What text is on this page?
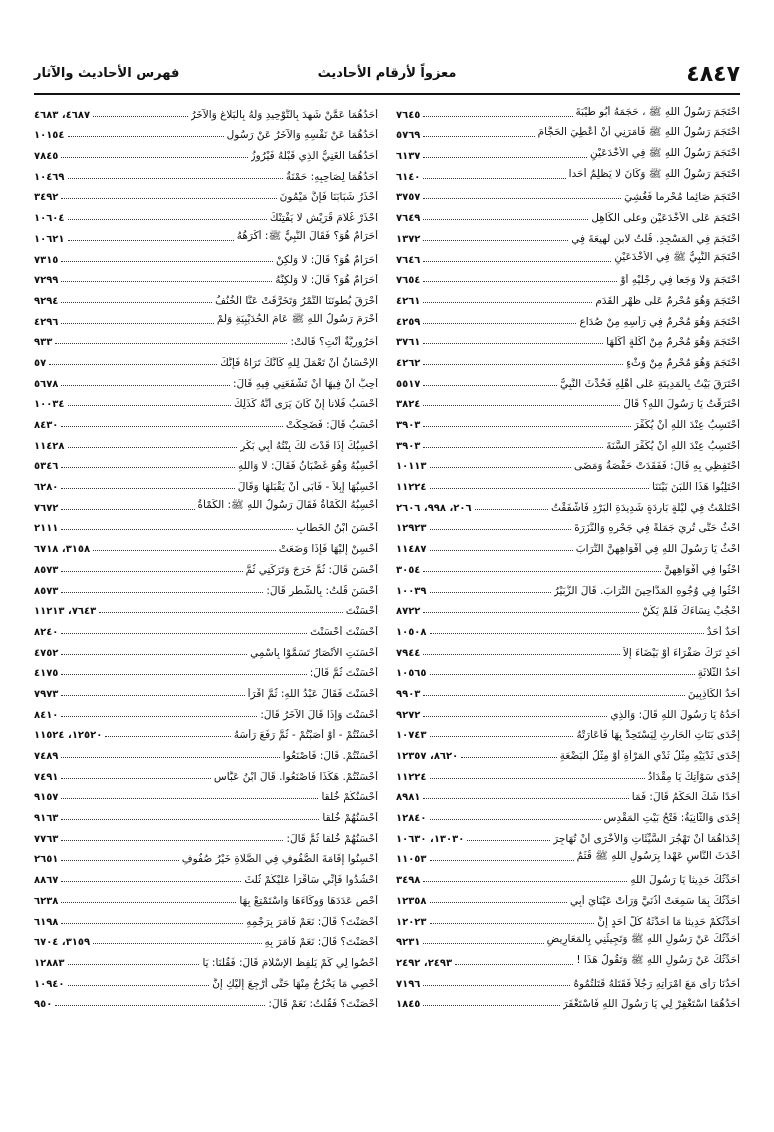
٤٨٤٧
معزواً لأرقام الأحاديث
فهرس الأحاديث والآثار
احْتَجَمَ رَسُولُ اللَّهِ ﷺ ، حَجَمَهُ أَبُو طَيْبَةَ
٧٦٤٥
احْتَجَمَ رَسُولُ اللَّهِ ﷺ فَأَمَرَنِي أَنْ أُعْطِيَ الْحَجَّامَ
٥٧٦٩
احْتَجَمَ رَسُولُ اللَّهِ ﷺ فِي الأَخْدَعَيْنِ
٦١٣٧
احْتَجَمَ رَسُولُ اللَّهِ ﷺ وَكَانَ لَا يَظْلِمُ أَحَداً
٦١٤٠
احْتَجَمَ صَائِماً مُحْرِماً فَغُشِيَ
٣٧٥٧
احْتَجَمَ عَلَى الأَخْدَعَيْنِ وعلى الكَاهِلِ
٧٦٤٩
احْتَجَمَ فِي الْمَسْجِدِ. قُلْتُ لابن لَهِيعَةَ فِي
١٣٧٢
احْتَجَمَ النَّبِيُّ ﷺ فِي الأَخْدَعَيْنِ
٧٦٤٦
احْتَجَمَ وَلَا وَجَعاً فِي رِجْلَيْهِ أَوْ
٧٦٥٤
احْتَجَمَ وَهُوَ مُحْرِمٌ عَلَى ظَهْرِ الْقَدَمِ
٤٢٦١
احْتَجَمَ وَهُوَ مُحْرِمٌ فِي رَأْسِهِ مِنْ صُدَاعٍ
٤٢٥٩
احْتَجَمَ وَهُوَ مُحْرِمٌ مِنْ أَكْلَةٍ أَكَلَهَا
٣٧٦١
احْتَجَمَ وَهُوَ مُحْرِمٌ مِنْ وَثْءٍ
٤٢٦٢
احْتَرَقَ بَيْتٌ بِالْمَدِينَةِ عَلَى أَهْلِهِ فَحُدِّثَ النَّبِيُّ
٥٥١٧
احْتَرَقْتُ يَا رَسُولَ اللَّهِ؟ قَالَ
٣٨٢٤
أَحْتَسِبُ عِنْدَ اللَّهِ أَنْ يُكَفِّرَ
٣٩٠٣
أَحْتَسِبُ عِنْدَ اللَّهِ أَنْ يُكَفِّرَ السَّنَةَ
٣٩٠٣
احْتَفِظِي بِهِ قَالَ: فَفَقَدَتْ حَفْصَةُ وَمَضَى
١٠١١٣
احْتَلِبُوا هَذَا اللَّبَنَ بَيْنَنَا
١١٢٢٤
احْتَلَمْتُ فِي لَيْلَةٍ بَارِدَةٍ شَدِيدَةِ الْبَرْدِ فَأَشْفَقْتُ
٢٠٦، ٩٩٨، ٢٦٠٦
احْثُ حَتَّى تُرِيَ جَمَلَةً فِي جَحْرِهِ وَالنَّزَرَةَ
١٢٩٢٣
احْثُ يَا رَسُولَ اللَّهِ فِي أَفْوَاهِهِنَّ التُّرَابَ
١١٤٨٧
احْثُوا فِي أَفْوَاهِهِنَّ
٣٠٥٤
احْثُوا فِي وُجُوهِ الْمَدَّاحِينَ التُّرَابَ. قَالَ الزُّبَيْرُ
١٠٠٣٩
احْجُبْ نِسَاءَكَ فَلَمْ يَكُنْ
٨٧٢٢
أَحَدٌ أَحَدٌ
١٠٥٠٨
أَحَدٍ تَرَكَ صَفْرَاءَ أَوْ بَيْضَاءَ إِلاَّ
٧٩٤٤
أَحَدُ الثَّلاثَةِ
١٠٥٦٥
أَحَدُ الْكَاذِبِينَ
٩٩٠٣
أَحَدُهُ يَا رَسُولَ اللَّهِ قَالَ: وَالَّذِي
٩٢٧٢
إِحْدَى بَنَاتِ الْحَارِثِ لِيَسْتَحِدَّ بِهَا فَأَعَارَتْهُ
١٠٧٤٣
إِحْدَى ثَدْيَيْهِ مِثْلُ ثَدْيِ الْمَرْأَةِ أَوْ مِثْلُ الْبَضْعَةِ
٨٦٢٠، ١٢٣٥٧
إِحْدَى سَوْآتِكَ يَا مِقْدَادُ
١١٢٢٤
أَحَدًا شَكَّ الْحَكَمُ قَالَ: فَمَا
٨٩٨١
إِحْدَى وَالثَّانِيَةُ: فَتْحُ بَيْتِ الْمَقْدِسِ
١٢٨٤٠
إِحْدَاهُمَا أَنْ تَهْجُرَ السَّيِّئَاتِ وَالأُخْرَى أَنْ تُهَاجِرَ
١٣٠٣٠، ١٠٦٣٠
أَحْدَثَ النَّاسِ عَهْداً بِرَسُولِ اللَّهِ ﷺ قُثَمُ
١١٠٥٣
أُحَدِّثُكَ حَدِيثاً يَا رَسُولَ اللَّهِ
٣٤٩٨
أُحَدِّثُكَ بِمَا سَمِعَتْ أُذُنَيَّ وَرَأَتْ عَيْنَايَ أَبِي
١٢٣٥٨
أُحَدِّثُكُمْ حَدِيثاً مَا أَحَدَّثَهُ كُلَّ أَحَدٍ إِنَّ
١٢٠٢٣
أُحَدِّثُكَ عَنْ رَسُولِ اللَّهِ ﷺ وَتَجِيئُنِي بِالْمَعَارِيضِ
٩٢٣١
أُحَدِّثُكَ عَنْ رَسُولِ اللَّهِ ﷺ وَتَقُولُ هَذَا !
٢٤٩٣، ٢٤٩٢
أَحَدُنَا رَأَى مَعَ امْرَأَتِهِ رَجُلاً فَقَتَلَهُ قَتَلْتُمُوهُ
٧١٩٦
أَحَدُهُمَا اسْتَغْفِرْ لِي يَا رَسُولَ اللَّهِ فَاسْتَغْفَرَ
١٨٤٥
أَحَدُهُمَا عَمَّنْ شَهِدَ بِالتَّوْحِيدِ وَلَهُ بِالْبَلَاغِ وَالآخَرُ
٤٦٨٧، ٤٦٨٣
أَحَدُهُمَا عَنْ نَفْسِهِ وَالآخَرُ عَنْ رَسُولِ
١٠١٥٤
أَحَدُهُمَا الْغَنِيُّ الَّذِي قَبْلَهُ فَيْرُوزُ
٧٨٤٥
أَحَدُهُمَا لِصَاحِبِهِ: حَمْنَةُ
١٠٤٦٩
أَحْذَرُ شَبَابَنَا فَإِنَّ مَيْمُونَ
٣٤٩٢
احْذَرْ غُلَامَ قُرَيْشٍ لَا يَفْتِنْكَ
١٠٦٠٤
أَحَرَامٌ هُوَ؟ فَقَالَ النَّبِيُّ ﷺ: أَكْرَهُهُ
١٠٦٢١
أَحَرَامٌ هُوَ؟ قَالَ: لَا وَلَكِنْ
٧٣١٥
أَحَرَامٌ هُوَ؟ قَالَ: لَا وَلَكِنَّهُ
٧٢٩٩
أَحْرَقَ بُطُونَنَا التَّمْرُ وَتَخَرَّقَتْ عَنَّا الْخُنُفُ
٩٢٩٤
أَحْرَمَ رَسُولُ اللَّهِ ﷺ عَامَ الْحُدَيْبِيَةِ وَلَمْ
٤٢٩٦
أَحَرُورِيَّةٌ أَنْتِ؟ قَالَتْ:
٩٣٣
الإِحْسَانُ أَنْ تَعْمَلَ لِلَّهِ كَأَنَّكَ تَرَاهُ فَإِنَّكَ
٥٧
أُحِبُّ أَنْ فِيهَا أَنْ تَشْفَعَنِي فِيهِ قَالَ:
٥٦٧٨
أَحْسَبُ فُلَاناً إِنْ كَانَ يَرَى أَنَّهُ كَذَلِكَ
١٠٠٣٤
أَحْسَبُ قَالَ: فَضَحِكَتْ
٨٤٣٠
أَحْسِبُكَ إِذَا قَدْتَ لَكَ بِنْتُهُ أَبِي بَكْرٍ
١١٤٢٨
أَحْسِبُهُ وَهُوَ غَضْبَانُ فَقَالَ: لَا وَاللَّهِ
٥٣٤٦
أَحْسِبُهَا إِبِلاً - فَأَبَى أَنْ يَقْبَلَهَا وَقَالَ
٦٢٨٠
أَحْسِبُهُ الْكَمْأَةُ فَقَالَ رَسُولُ اللَّهِ ﷺ: الْكَمْأَةُ
٧٦٧٢
أَحْسَنَ ابْنُ الْخَطَّابِ
٢١١١
أَحْسِنْ إِلَيْهَا فَإِذَا وَضَعَتْ
٣١٥٨، ٦٧١٨
أَحْسَنَ قَالَ: ثُمَّ خَرَجَ وَتَرَكَنِي ثُمَّ
٨٥٧٣
أَحْسَنَ قُلْتُ: بِالشَّطْرِ قَالَ:
٨٥٧٣
أَحْسَنْتَ
٧٦٤٣، ١١٢١٣
أَحْسَنْتَ أَحْسَنْتَ
٨٢٤٠
أَحْسَنَتِ الأَنْصَارُ تَسَمَّوْا بِاسْمِي
٤٧٥٢
أَحْسَنْتَ ثُمَّ قَالَ:
٤١٧٥
أَحْسَنْتَ فَقَالَ عَبْدُ اللَّهِ: ثُمَّ اقْرَأْ
٧٩٧٣
أَحْسَنْتَ وَإِذَا قَالَ الآخَرُ قَالَ:
٨٤١٠
أَحْسَنْتُمْ - أَوْ أَصَبْتُمْ - ثُمَّ رَفَعَ رَأْسَهُ
١٢٥٢٠، ١١٥٢٤
أَحْسَنْتُمْ. قَالَ: فَاصْنَعُوا
٧٤٨٩
أَحْسَنْتُمْ. هَكَذَا فَاصْنَعُوا. قَالَ ابْنُ عَبَّاسٍ
٧٤٩١
أَحْسَنُكُمْ خُلُقاً
٩١٥٧
أَحْسَنُهُمْ خُلُقاً
٩١٦٣
أَحْسَنُهُمْ خُلُقاً ثُمَّ قَالَ:
٧٧٦٣
أَحْسِنُوا إِقَامَةَ الصُّفُوفِ فِي الصَّلَاةِ خَيْرُ صُفُوفِ
٢٦٥١
احْشُدُوا فَإِنِّي سَأَقْرَأُ عَلَيْكُمْ ثُلُثَ
٨٨٦٧
أَحْصِ عَدَدَهَا وَوِكَاءَهَا وَاسْتَمْتِعْ بِهَا
٦٢٣٨
أَحْصَنْتَ؟ قَالَ: نَعَمْ فَأَمَرَ بِرَجْمِهِ
٦١٩٨
أَحْصَنْتَ؟ قَالَ: نَعَمْ فَأَمَرَ بِهِ
٣١٥٩، ٦٧٠٤
أَحْصُوا لِي كَمْ يَلْفِظُ الإِسْلَامَ قَالَ: فَقُلْنَا: يَا
١٢٨٨٣
أَحْصِي مَا يَخْرُجُ مِنْهَا حَتَّى أَرْجِعَ إِلَيْكِ إِنَّ
١٠٩٤٠
أَحْصَنْتَ؟ فَقُلْتُ: نَعَمْ قَالَ:
٩٥٠
